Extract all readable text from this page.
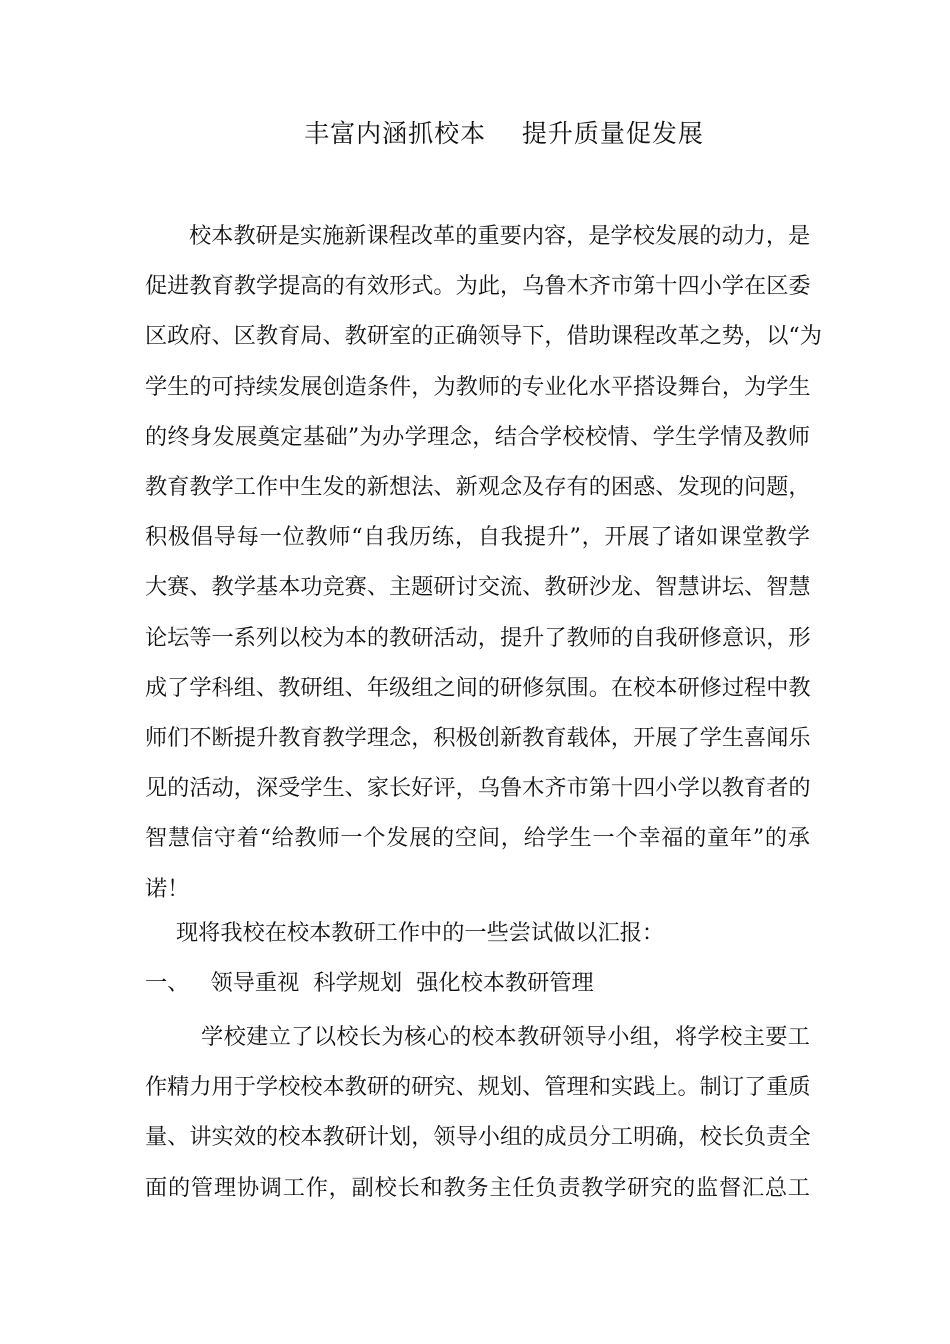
丰富内涵抓校本    提升质量促发展
校本教研是实施新课程改革的重要内容，是学校发展的动力，是
促进教育教学提高的有效形式。为此，乌鲁木齐市第十四小学在区委
区政府、区教育局、教研室的正确领导下，借助课程改革之势，以“为
学生的可持续发展创造条件，为教师的专业化水平搭设舞台，为学生
的终身发展奠定基础”为办学理念，结合学校校情、学生学情及教师
教育教学工作中生发的新想法、新观念及存有的困惑、发现的问题，
积极倡导每一位教师“自我历练，自我提升”，开展了诸如课堂教学
大赛、教学基本功竞赛、主题研讨交流、教研沙龙、智慧讲坛、智慧
论坛等一系列以校为本的教研活动，提升了教师的自我研修意识，形
成了学科组、教研组、年级组之间的研修氛围。在校本研修过程中教
师们不断提升教育教学理念，积极创新教育载体，开展了学生喜闻乐
见的活动，深受学生、家长好评，乌鲁木齐市第十四小学以教育者的
智慧信守着“给教师一个发展的空间，给学生一个幸福的童年”的承
诺！
现将我校在校本教研工作中的一些尝试做以汇报：
一、   领导重视  科学规划  强化校本教研管理
学校建立了以校长为核心的校本教研领导小组，将学校主要工
作精力用于学校校本教研的研究、规划、管理和实践上。制订了重质
量、讲实效的校本教研计划，领导小组的成员分工明确，校长负责全
面的管理协调工作，副校长和教务主任负责教学研究的监督汇总工
